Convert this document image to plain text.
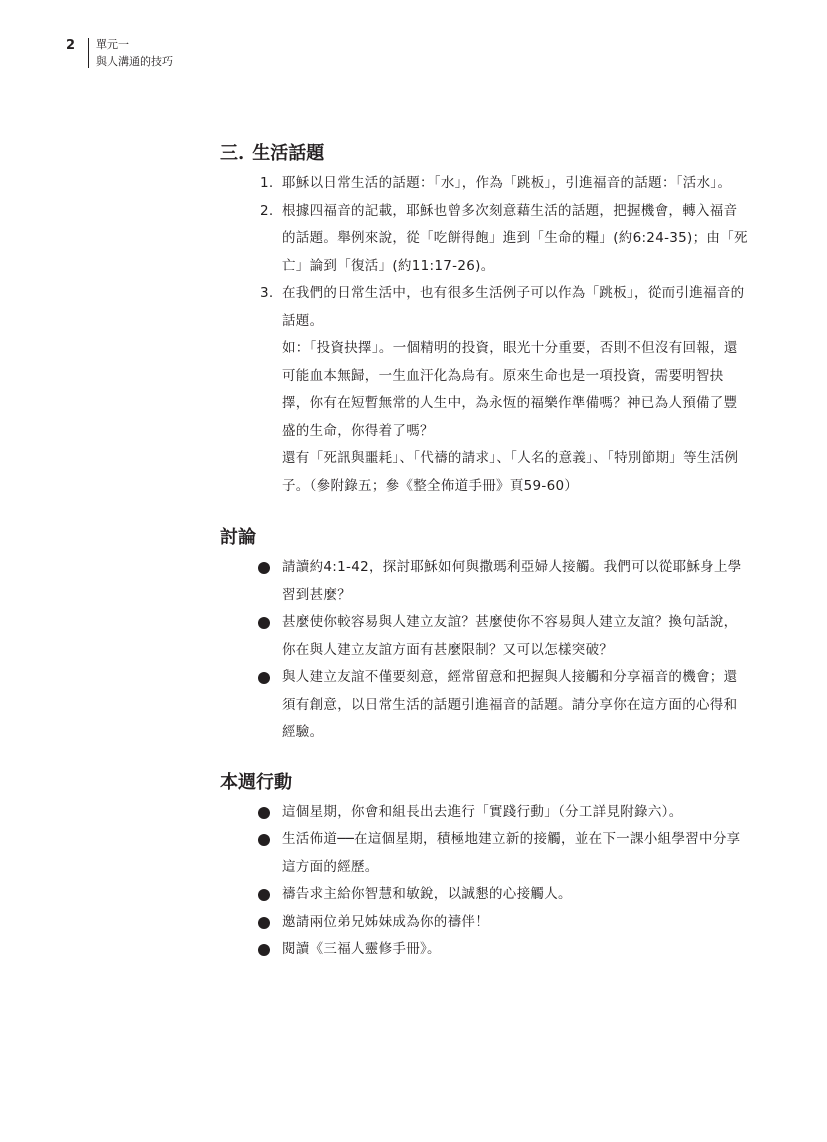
2 單元一
與人溝通的技巧
三. 生活話題
1. 耶穌以日常生活的話題：「水」，作為「跳板」，引進福音的話題：「活水」。
2. 根據四福音的記載，耶穌也曾多次刻意藉生活的話題，把握機會，轉入福音的話題。舉例來說，從「吃餅得飽」進到「生命的糧」(約6:24-35)；由「死亡」論到「復活」(約11:17-26)。
3. 在我們的日常生活中，也有很多生活例子可以作為「跳板」，從而引進福音的話題。
如：「投資抉擇」。一個精明的投資，眼光十分重要，否則不但沒有回報，還可能血本無歸，一生血汗化為烏有。原來生命也是一項投資，需要明智抉擇，你有在短暫無常的人生中，為永恆的福樂作準備嗎？神已為人預備了豐盛的生命，你得着了嗎？
還有「死訊與噩耗」、「代禱的請求」、「人名的意義」、「特別節期」等生活例子。（參附錄五；參《整全佈道手冊》頁59-60）
討論
請讀約4:1-42，探討耶穌如何與撒瑪利亞婦人接觸。我們可以從耶穌身上學習到甚麼？
甚麼使你較容易與人建立友誼？甚麼使你不容易與人建立友誼？換句話說，你在與人建立友誼方面有甚麼限制？又可以怎樣突破？
與人建立友誼不僅要刻意，經常留意和把握與人接觸和分享福音的機會；還須有創意，以日常生活的話題引進福音的話題。請分享你在這方面的心得和經驗。
本週行動
這個星期，你會和組長出去進行「實踐行動」（分工詳見附錄六）。
生活佈道──在這個星期，積極地建立新的接觸，並在下一課小組學習中分享這方面的經歷。
禱告求主給你智慧和敏銳，以誠懇的心接觸人。
邀請兩位弟兄姊妹成為你的禱伴！
閱讀《三福人靈修手冊》。
